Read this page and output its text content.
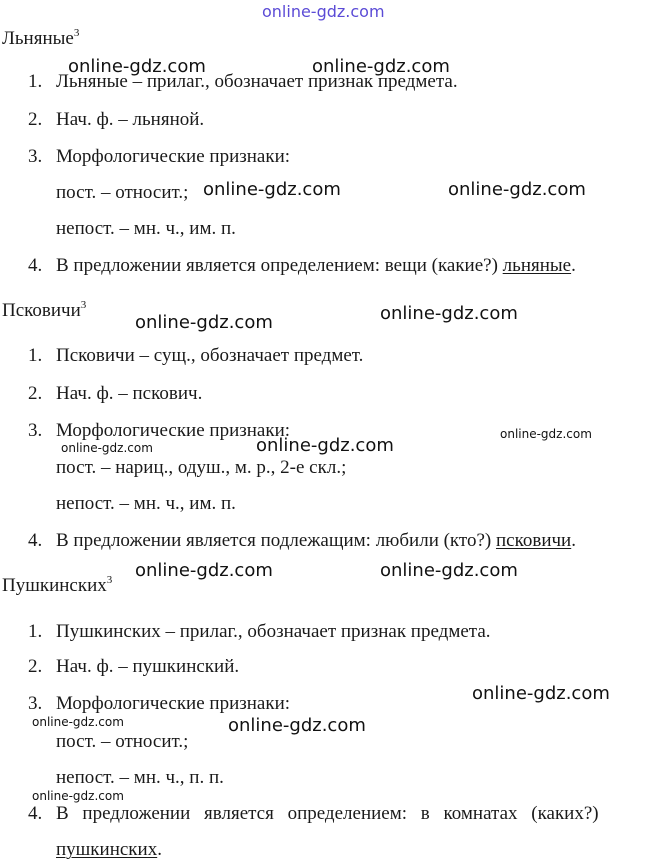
online-gdz.com
online-gdz.com	online-gdz.com
online-gdz.com	online-gdz.com
online-gdz.com	online-gdz.com
online-gdz.com
online-gdz.com
online-gdz.com
online-gdz.com	online-gdz.com
online-gdz.com
online-gdz.com	online-gdz.com
online-gdz.com
Льняные$^3$
1. Льняные – прилаг., обозначает признак предмета.
2. Нач. ф. – льняной.
3. Морфологические признаки:
пост. – относит.;
непост. – мн. ч., им. п.
4. В предложении является определением: вещи (какие?) льняные.
Псковичи$^3$
1. Псковичи – сущ., обозначает предмет.
2. Нач. ф. – пскович.
3. Морфологические признаки:
пост. – нариц., одуш., м. р., 2-е скл.;
непост. – мн. ч., им. п.
4. В предложении является подлежащим: любили (кто?) псковичи.
Пушкинских$^3$
1. Пушкинских – прилаг., обозначает признак предмета.
2. Нач. ф. – пушкинский.
3. Морфологические признаки:
пост. – относит.;
непост. – мн. ч., п. п.
4. В предложении является определением: в комнатах (каких?)
пушкинских.
